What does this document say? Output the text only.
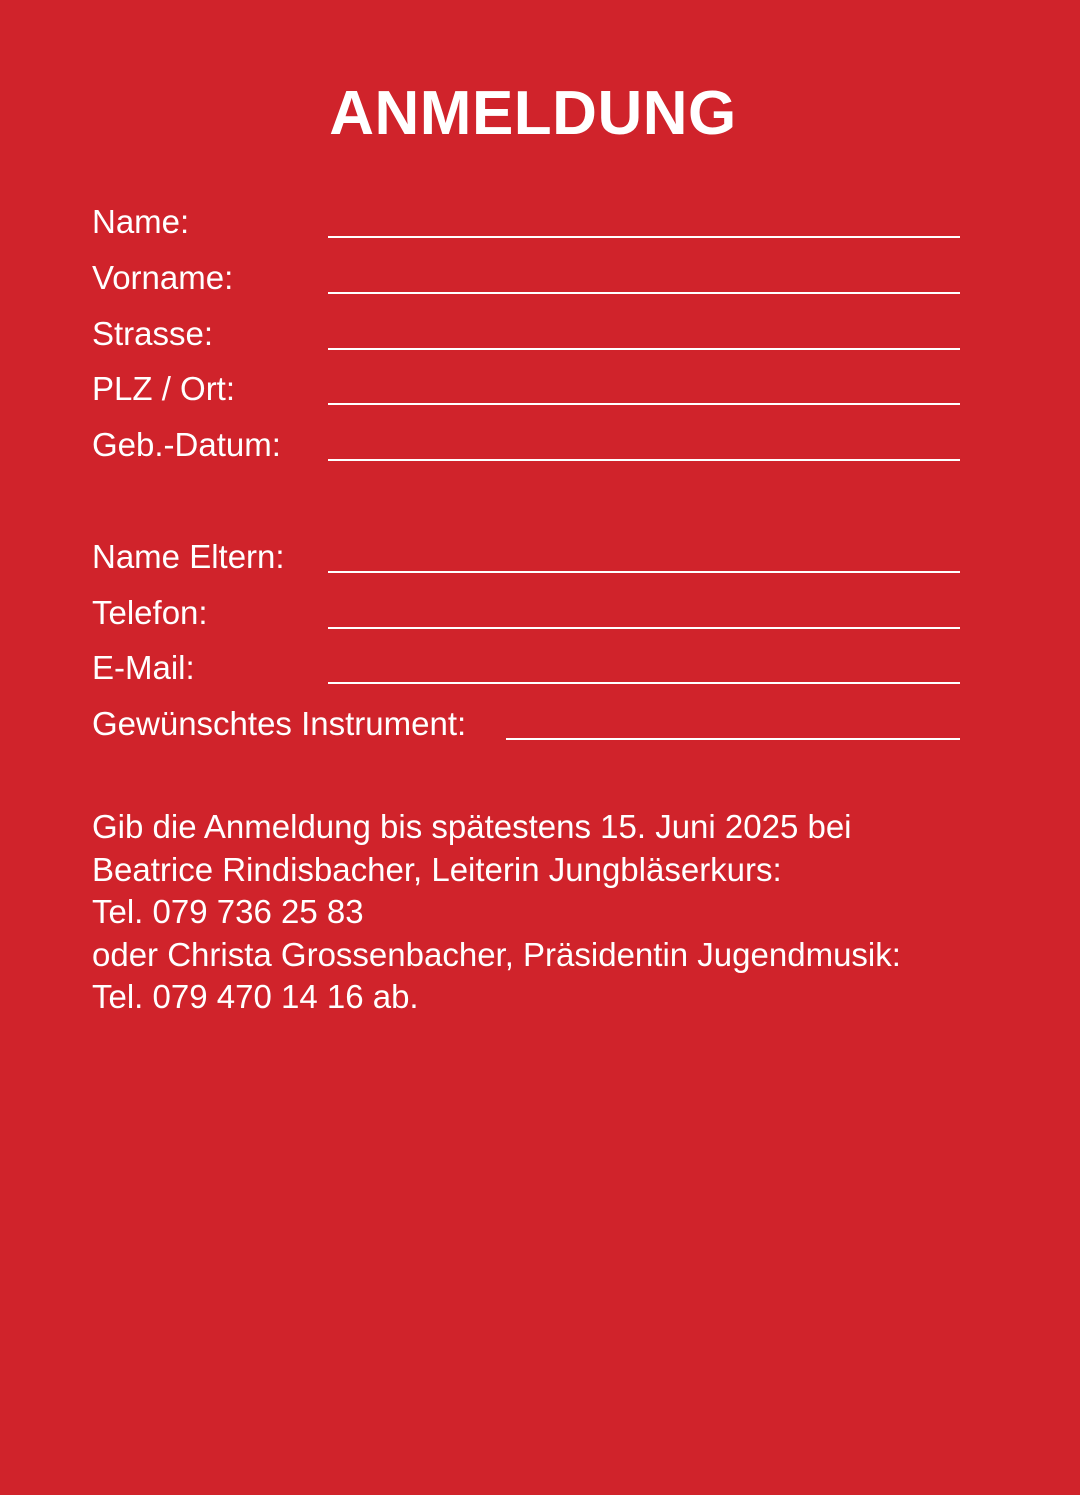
ANMELDUNG
Name:
Vorname:
Strasse:
PLZ / Ort:
Geb.-Datum:
Name Eltern:
Telefon:
E-Mail:
Gewünschtes Instrument:
Gib die Anmeldung bis spätestens 15. Juni 2025 bei
Beatrice Rindisbacher, Leiterin Jungbläserkurs:
Tel. 079 736 25 83
oder Christa Grossenbacher, Präsidentin Jugendmusik:
Tel. 079 470 14 16 ab.
